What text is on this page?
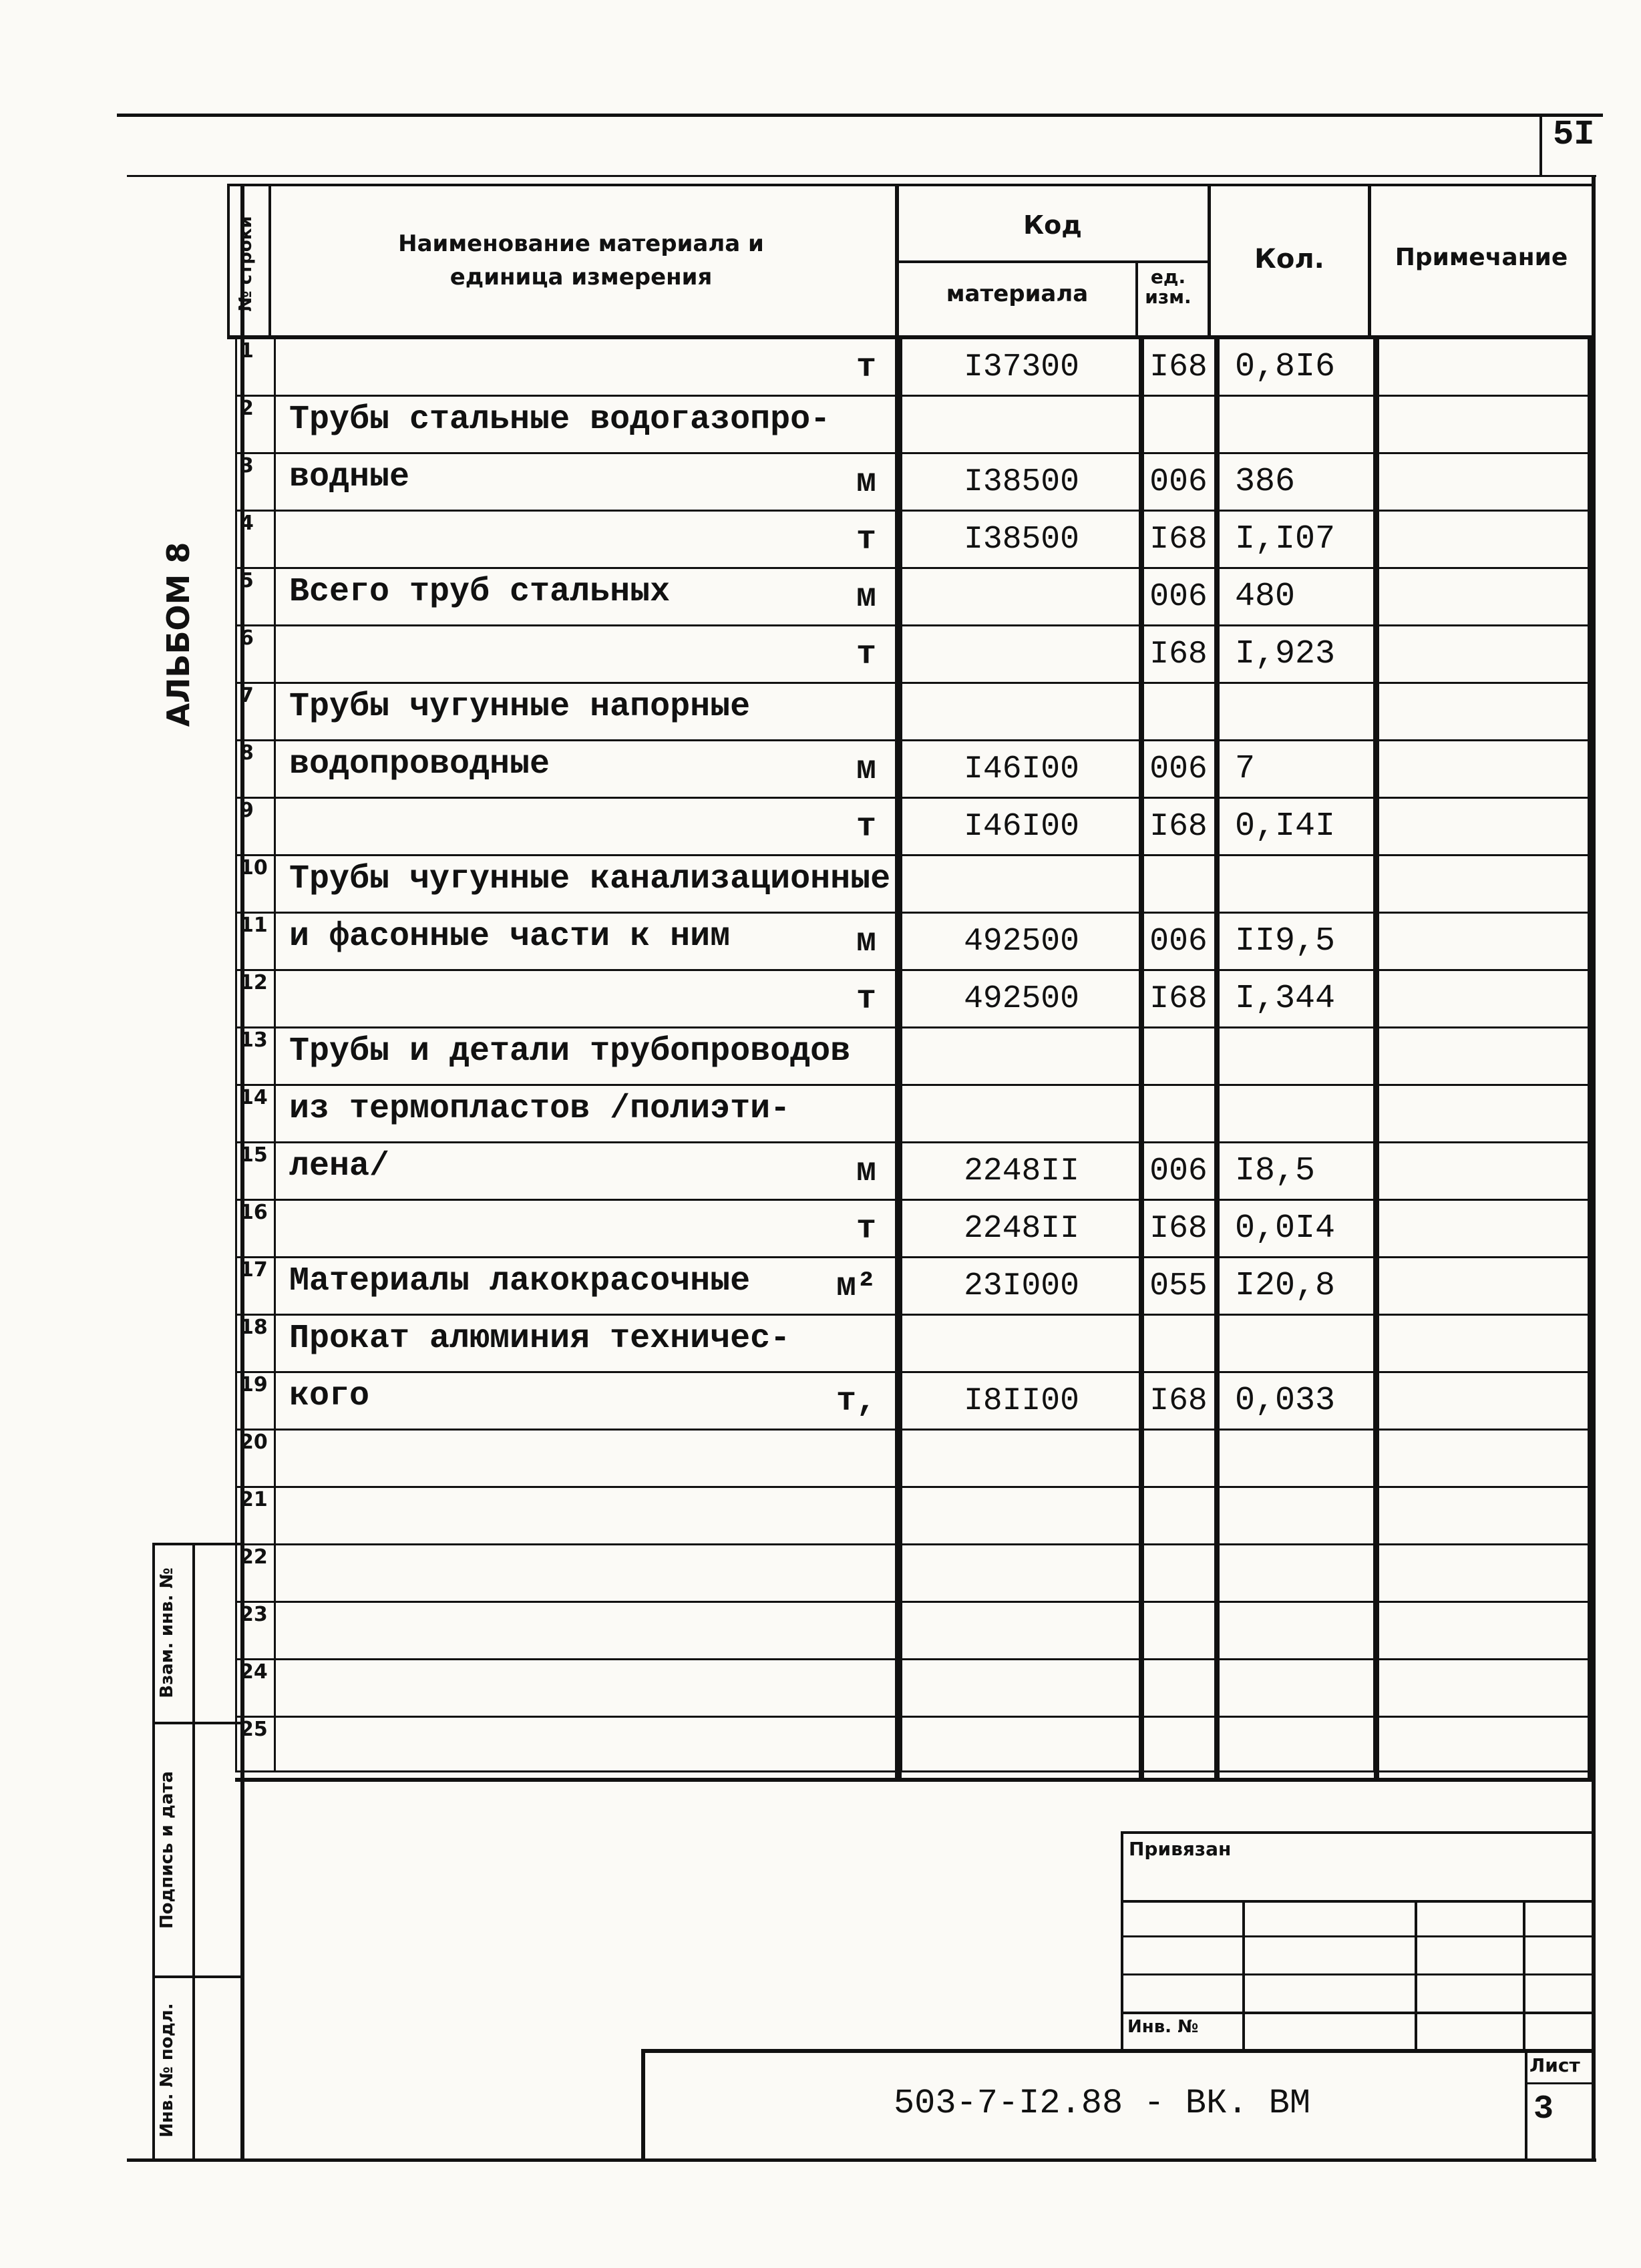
5I
АЛЬБОМ 8
Взам. инв. №
Подпись и дата
Инв. № подл.
№ строки	Наименование материала и
единица измерения
Код
материала
ед. изм.
Кол.	Примечание
1	т	I37300	I68	0,8I6	
2	Трубы стальные водогазопро-				

3	водные м	I38500	006	386	
4	т	I38500	I68	I,I07	
5	Всего труб стальных м		006	480	
6	т		I68	I,923	
7	Трубы чугунные напорные				

8	водопроводные м	I46I00	006	7	
9	т	I46I00	I68	0,I4I	
10	Трубы чугунные канализационные				

11	и фасонные части к ним м	492500	006	II9,5	
12	т	492500	I68	I,344	
13	Трубы и детали трубопроводов				

14	из термопластов /полиэти-				

15	лена/ м	2248II	006	I8,5	
16	т	2248II	I68	0,0I4	
17	Материалы лакокрасочные м²	23I000	055	I20,8	
18	Прокат алюминия техничес-				

19	кого т,	I8II00	I68	0,033	
20	

21	

22	

23	

24	

25	

Привязан
Инв. №
503-7-I2.88 - ВК. ВМ
Лист
3
